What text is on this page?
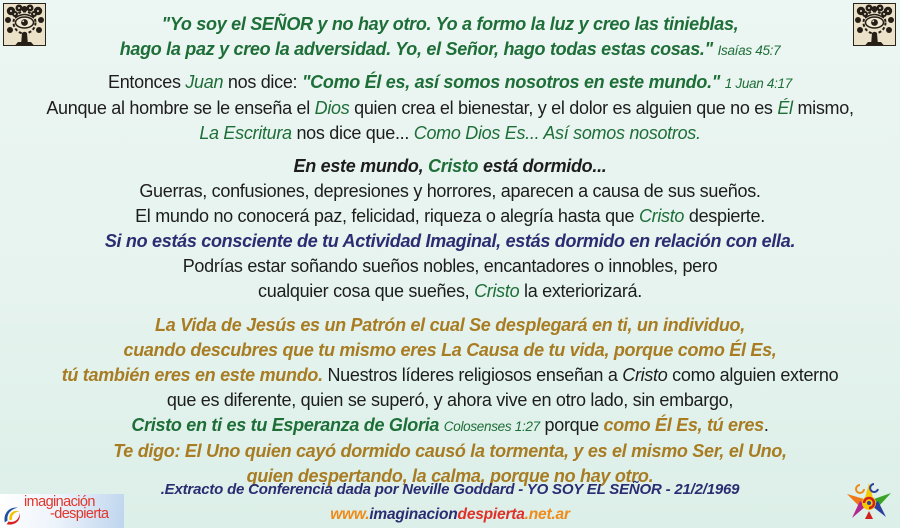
"Yo soy el SEÑOR y no hay otro. Yo a formo la luz y creo las tinieblas,
hago la paz y creo la adversidad. Yo, el Señor, hago todas estas cosas." Isaías 45:7
Entonces Juan nos dice: "Como Él es, así somos nosotros en este mundo." 1 Juan 4:17
Aunque al hombre se le enseña el Dios quien crea el bienestar, y el dolor es alguien que no es Él mismo,
La Escritura nos dice que... Como Dios Es... Así somos nosotros.
En este mundo, Cristo está dormido...
Guerras, confusiones, depresiones y horrores, aparecen a causa de sus sueños.
El mundo no conocerá paz, felicidad, riqueza o alegría hasta que Cristo despierte.
Si no estás consciente de tu Actividad Imaginal, estás dormido en relación con ella.
Podrías estar soñando sueños nobles, encantadores o innobles, pero
cualquier cosa que sueñes, Cristo la exteriorizará.
La Vida de Jesús es un Patrón el cual Se desplegará en ti, un individuo,
cuando descubres que tu mismo eres La Causa de tu vida, porque como Él Es,
tú también eres en este mundo. Nuestros líderes religiosos enseñan a Cristo como alguien externo
que es diferente, quien se superó, y ahora vive en otro lado, sin embargo,
Cristo en ti es tu Esperanza de Gloria Colosenses 1:27 porque como Él Es, tú eres.
Te digo: El Uno quien cayó dormido causó la tormenta, y es el mismo Ser, el Uno,
quien despertando, la calma, porque no hay otro.
.Extracto de Conferencia dada por Neville Goddard - YO SOY EL SEÑOR - 21/2/1969
www.imaginaciondespierta.net.ar
imaginación
-despierta
